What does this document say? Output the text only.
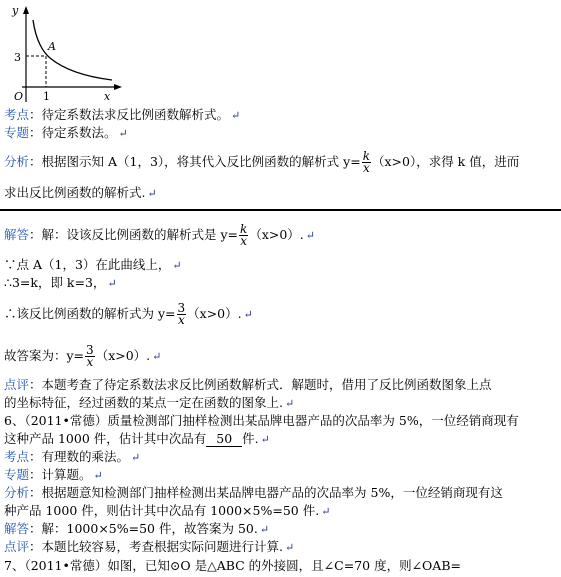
y
x
O
A
3
1
考点：待定系数法求反比例函数解析式。 ↵
专题：待定系数法。 ↵
分析：根据图示知 A（1，3），将其代入反比例函数的解析式 $y= \frac{k}{x} (x>0)$，求得 k 值，进而
求出反比例函数的解析式. ↵
解答：解：设该反比例函数的解析式是 $y= \frac{k}{x} (x>0)$. ↵
∵点 A（1，3）在此曲线上， ↵
∴3=k，即 k=3， ↵
∴该反比例函数的解析式为 $y= \frac{3}{x} (x>0)$. ↵
故答案为：$y= \frac{3}{x} (x>0)$. ↵
点评：本题考查了待定系数法求反比例函数解析式．解题时，借用了反比例函数图象上点
的坐标特征，经过函数的某点一定在函数的图象上. ↵
6、（2011•常德）质量检测部门抽样检测出某品牌电器产品的次品率为 5%，一位经销商现有
这种产品 1000 件，估计其中次品有 50 件. ↵
考点：有理数的乘法。 ↵
专题：计算题。 ↵
分析：根据题意知检测部门抽样检测出某品牌电器产品的次品率为 5%，一位经销商现有这
种产品 1000 件，则估计其中次品有 1000×5%=50 件. ↵
解答：解：1000×5%=50 件，故答案为 50. ↵
点评：本题比较容易，考查根据实际问题进行计算. ↵
7、（2011•常德）如图，已知⊙O 是△ABC 的外接圆，且∠C=70 度，则∠OAB=
